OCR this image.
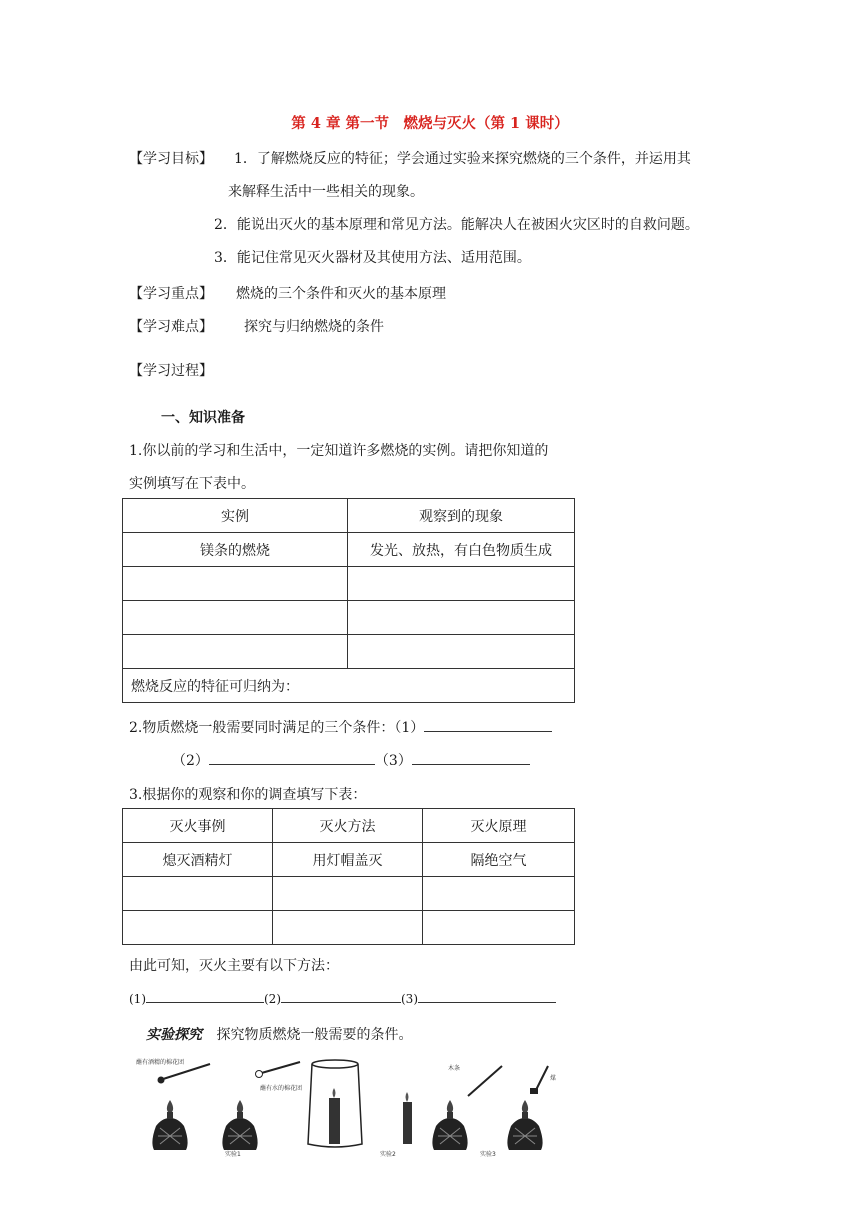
第 4 章 第一节　燃烧与灭火（第 1 课时）
【学习目标】 1．了解燃烧反应的特征；学会通过实验来探究燃烧的三个条件，并运用其
来解释生活中一些相关的现象。
2．能说出灭火的基本原理和常见方法。能解决人在被困火灾区时的自救问题。
3．能记住常见灭火器材及其使用方法、适用范围。
【学习重点】 燃烧的三个条件和灭火的基本原理
【学习难点】 探究与归纳燃烧的条件
【学习过程】
一、知识准备
1.你以前的学习和生活中，一定知道许多燃烧的实例。请把你知道的
实例填写在下表中。
实例	观察到的现象
镁条的燃烧	发光、放热，有白色物质生成

燃烧反应的特征可归纳为：	
2.物质燃烧一般需要同时满足的三个条件：（1）
（2）	（3）
3.根据你的观察和你的调查填写下表：
灭火事例	灭火方法	灭火原理
熄灭酒精灯	用灯帽盖灭	隔绝空气

由此可知，灭火主要有以下方法：
(1)	(2)	(3)
实验探究 探究物质燃烧一般需要的条件。
蘸有酒精的棉花团
蘸有水的棉花团
实验1	实验2
木条
煤
实验3
